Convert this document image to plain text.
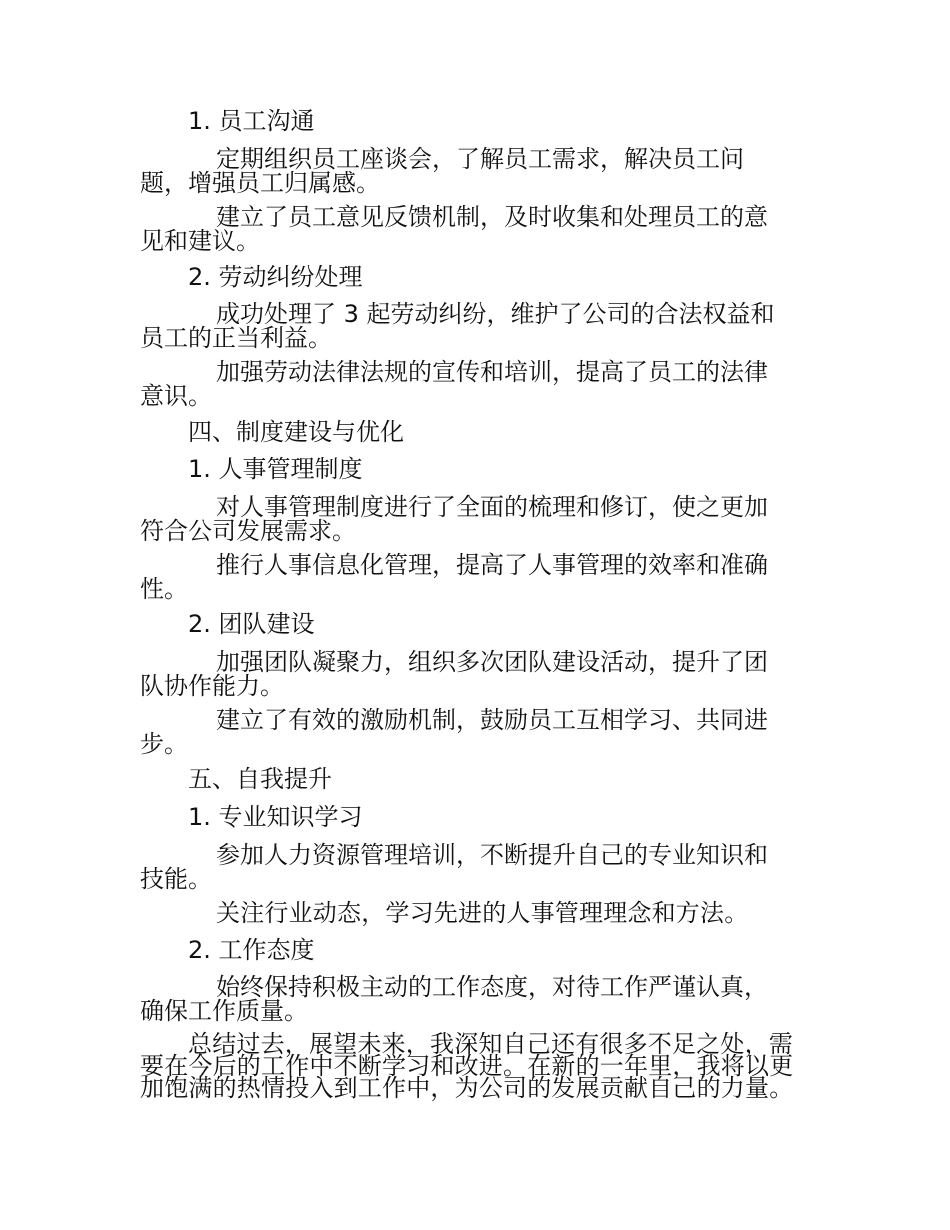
1. 员工沟通
定期组织员工座谈会，了解员工需求，解决员工问
题，增强员工归属感。
建立了员工意见反馈机制，及时收集和处理员工的意
见和建议。
2. 劳动纠纷处理
成功处理了 3 起劳动纠纷，维护了公司的合法权益和
员工的正当利益。
加强劳动法律法规的宣传和培训，提高了员工的法律
意识。
四、制度建设与优化
1. 人事管理制度
对人事管理制度进行了全面的梳理和修订，使之更加
符合公司发展需求。
推行人事信息化管理，提高了人事管理的效率和准确
性。
2. 团队建设
加强团队凝聚力，组织多次团队建设活动，提升了团
队协作能力。
建立了有效的激励机制，鼓励员工互相学习、共同进
步。
五、自我提升
1. 专业知识学习
参加人力资源管理培训，不断提升自己的专业知识和
技能。
关注行业动态，学习先进的人事管理理念和方法。
2. 工作态度
始终保持积极主动的工作态度，对待工作严谨认真，
确保工作质量。
总结过去，展望未来，我深知自己还有很多不足之处，需
要在今后的工作中不断学习和改进。在新的一年里，我将以更
加饱满的热情投入到工作中，为公司的发展贡献自己的力量。
